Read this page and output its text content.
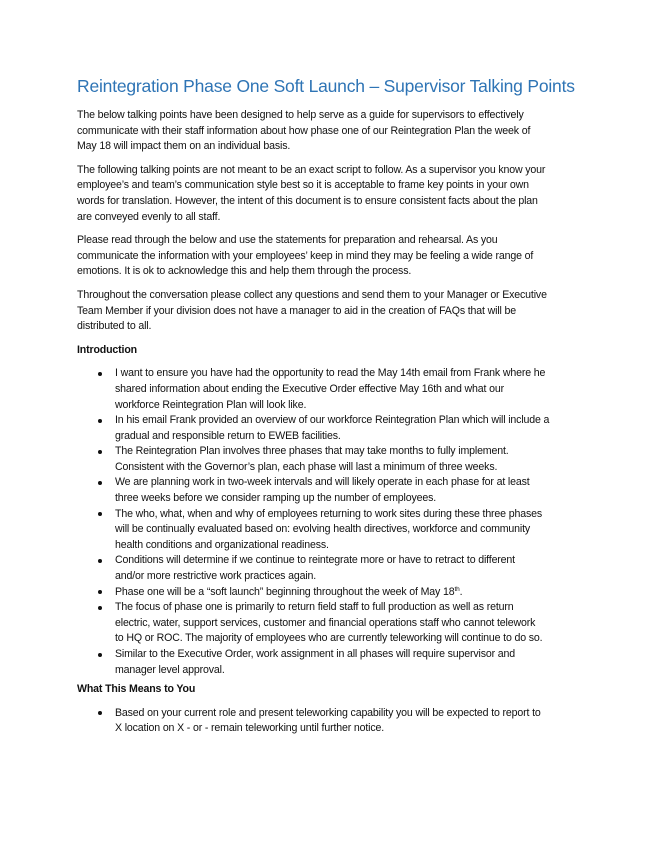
Reintegration Phase One Soft Launch – Supervisor Talking Points
The below talking points have been designed to help serve as a guide for supervisors to effectively
communicate with their staff information about how phase one of our Reintegration Plan the week of
May 18 will impact them on an individual basis.
The following talking points are not meant to be an exact script to follow. As a supervisor you know your
employee’s and team’s communication style best so it is acceptable to frame key points in your own
words for translation. However, the intent of this document is to ensure consistent facts about the plan
are conveyed evenly to all staff.
Please read through the below and use the statements for preparation and rehearsal. As you
communicate the information with your employees’ keep in mind they may be feeling a wide range of
emotions. It is ok to acknowledge this and help them through the process.
Throughout the conversation please collect any questions and send them to your Manager or Executive
Team Member if your division does not have a manager to aid in the creation of FAQs that will be
distributed to all.
Introduction
I want to ensure you have had the opportunity to read the May 14th email from Frank where he
shared information about ending the Executive Order effective May 16th and what our
workforce Reintegration Plan will look like.
In his email Frank provided an overview of our workforce Reintegration Plan which will include a
gradual and responsible return to EWEB facilities.
The Reintegration Plan involves three phases that may take months to fully implement.
Consistent with the Governor’s plan, each phase will last a minimum of three weeks.
We are planning work in two-week intervals and will likely operate in each phase for at least
three weeks before we consider ramping up the number of employees.
The who, what, when and why of employees returning to work sites during these three phases
will be continually evaluated based on: evolving health directives, workforce and community
health conditions and organizational readiness.
Conditions will determine if we continue to reintegrate more or have to retract to different
and/or more restrictive work practices again.
Phase one will be a “soft launch” beginning throughout the week of May 18th.
The focus of phase one is primarily to return field staff to full production as well as return
electric, water, support services, customer and financial operations staff who cannot telework
to HQ or ROC. The majority of employees who are currently teleworking will continue to do so.
Similar to the Executive Order, work assignment in all phases will require supervisor and
manager level approval.
What This Means to You
Based on your current role and present teleworking capability you will be expected to report to
X location on X - or - remain teleworking until further notice.
